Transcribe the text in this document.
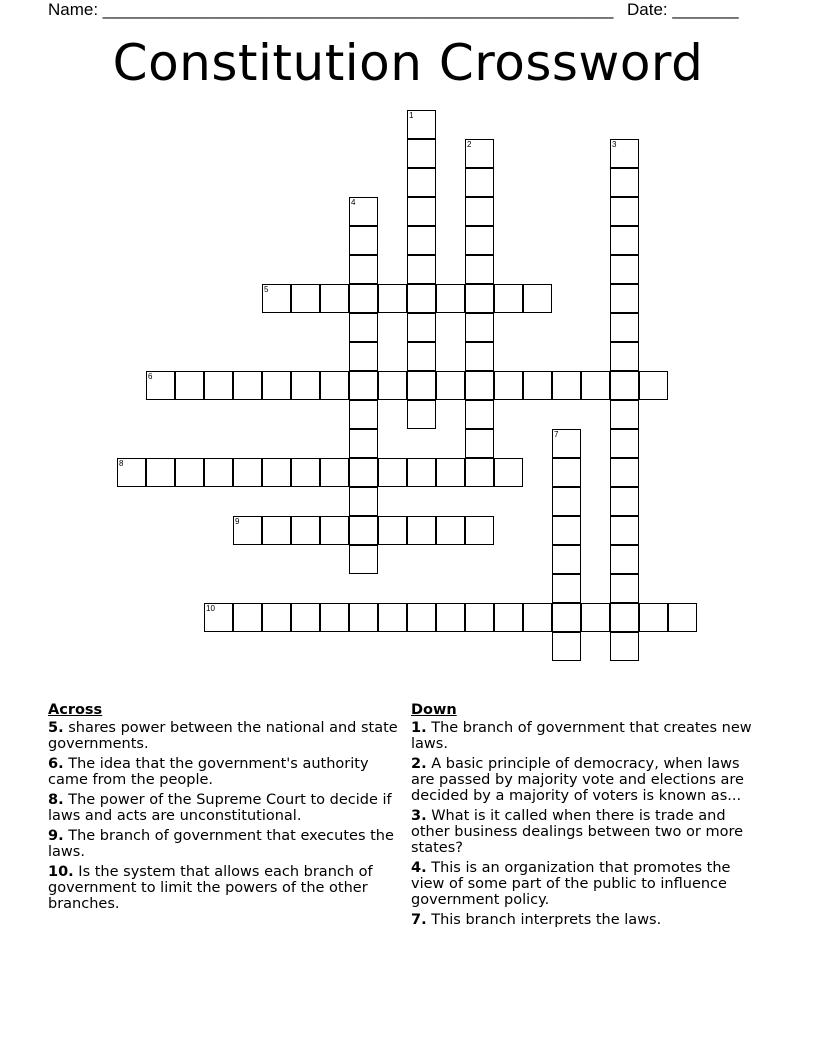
Name: ______________________________________________________ Date: _______
Constitution Crossword
1
2	3
4
5
6
7
8
9
10
Across
5. shares power between the national and state governments.
6. The idea that the government's authority came from the people.
8. The power of the Supreme Court to decide if laws and acts are unconstitutional.
9. The branch of government that executes the laws.
10. Is the system that allows each branch of government to limit the powers of the other branches.
Down
1. The branch of government that creates new laws.
2. A basic principle of democracy, when laws are passed by majority vote and elections are decided by a majority of voters is known as...
3. What is it called when there is trade and other business dealings between two or more states?
4. This is an organization that promotes the view of some part of the public to influence government policy.
7. This branch interprets the laws.
